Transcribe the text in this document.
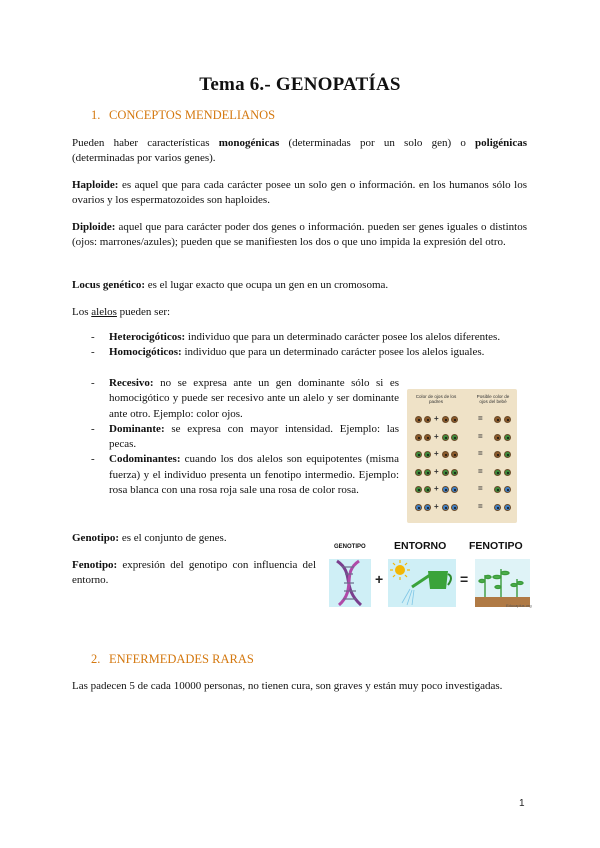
Tema 6.- GENOPATÍAS
1. CONCEPTOS MENDELIANOS

Pueden haber características monogénicas (determinadas por un solo gen) o poligénicas (determinadas por varios genes).

Haploide: es aquel que para cada carácter posee un solo gen o información. en los humanos sólo los ovarios y los espermatozoides son haploides.

Diploide: aquel que para carácter poder dos genes o información. pueden ser genes iguales o distintos (ojos: marrones/azules); pueden que se manifiesten los dos o que uno impida la expresión del otro.

Locus genético: es el lugar exacto que ocupa un gen en un cromosoma.

Los alelos pueden ser:

- Heterocigóticos: individuo que para un determinado carácter posee los alelos diferentes.
- Homocigóticos: individuo que para un determinado carácter posee los alelos iguales.
- Recesivo: no se expresa ante un gen dominante sólo si es homocigótico y puede ser recesivo ante un alelo y ser dominante ante otro. Ejemplo: color ojos.
- Dominante: se expresa con mayor intensidad. Ejemplo: las pecas.
- Codominantes: cuando los dos alelos son equipotentes (misma fuerza) y el individuo presenta un fenotipo intermedio. Ejemplo: rosa blanca con una rosa roja sale una rosa de color rosa.
Color de ojos de los padres
Posible color de ojos del bebé
+	=
+	=
+	=
+	=
+	=
+	=

Genotipo: es el conjunto de genes.

Fenotipo: expresión del genotipo con influencia del entorno.

GENOTIPO	ENTORNO FENOTIPO
+	=
Educaplus.org
2. ENFERMEDADES RARAS

Las padecen 5 de cada 10000 personas, no tienen cura, son graves y están muy poco investigadas.

1
